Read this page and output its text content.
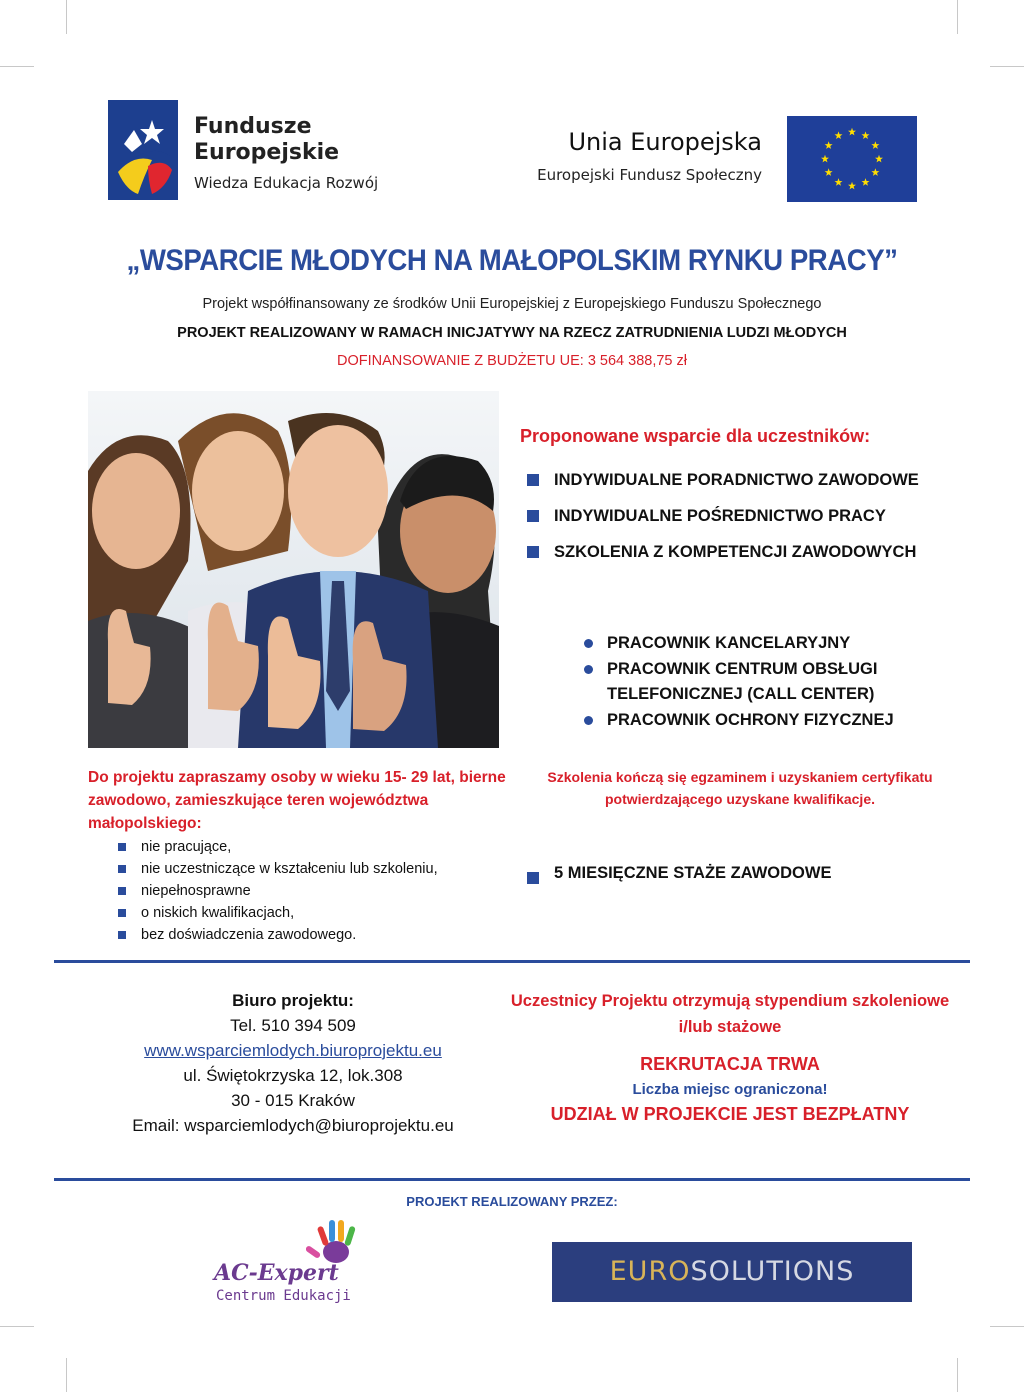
Fundusze
Europejskie
Wiedza Edukacja Rozwój
Unia Europejska
Europejski Fundusz Społeczny
„WSPARCIE MŁODYCH NA MAŁOPOLSKIM RYNKU PRACY”
Projekt współfinansowany ze środków Unii Europejskiej z Europejskiego Funduszu Społecznego
PROJEKT REALIZOWANY W RAMACH INICJATYWY NA RZECZ ZATRUDNIENIA LUDZI MŁODYCH
DOFINANSOWANIE Z BUDŻETU UE: 3 564 388,75 zł
Proponowane wsparcie dla uczestników:
INDYWIDUALNE PORADNICTWO ZAWODOWE
INDYWIDUALNE POŚREDNICTWO PRACY
SZKOLENIA Z KOMPETENCJI ZAWODOWYCH
PRACOWNIK KANCELARYJNY
PRACOWNIK CENTRUM OBSŁUGI TELEFONICZNEJ (CALL CENTER)
PRACOWNIK OCHRONY FIZYCZNEJ
Szkolenia kończą się egzaminem i uzyskaniem certyfikatu potwierdzającego uzyskane kwalifikacje.
5 MIESIĘCZNE STAŻE ZAWODOWE
Do projektu zapraszamy osoby w wieku 15- 29 lat, bierne zawodowo, zamieszkujące teren województwa małopolskiego:
nie pracujące,
nie uczestniczące w kształceniu lub szkoleniu,
niepełnosprawne
o niskich kwalifikacjach,
bez doświadczenia zawodowego.
Biuro projektu:
Tel. 510 394 509
www.wsparciemlodych.biuroprojektu.eu
ul. Świętokrzyska 12, lok.308
30 - 015 Kraków
Email: wsparciemlodych@biuroprojektu.eu
Uczestnicy Projektu otrzymują stypendium szkoleniowe i/lub stażowe
REKRUTACJA TRWA
Liczba miejsc ograniczona!
UDZIAŁ W PROJEKCIE JEST BEZPŁATNY
PROJEKT REALIZOWANY PRZEZ:
AC-Expert
Centrum Edukacji
EUROSOLUTIONS
